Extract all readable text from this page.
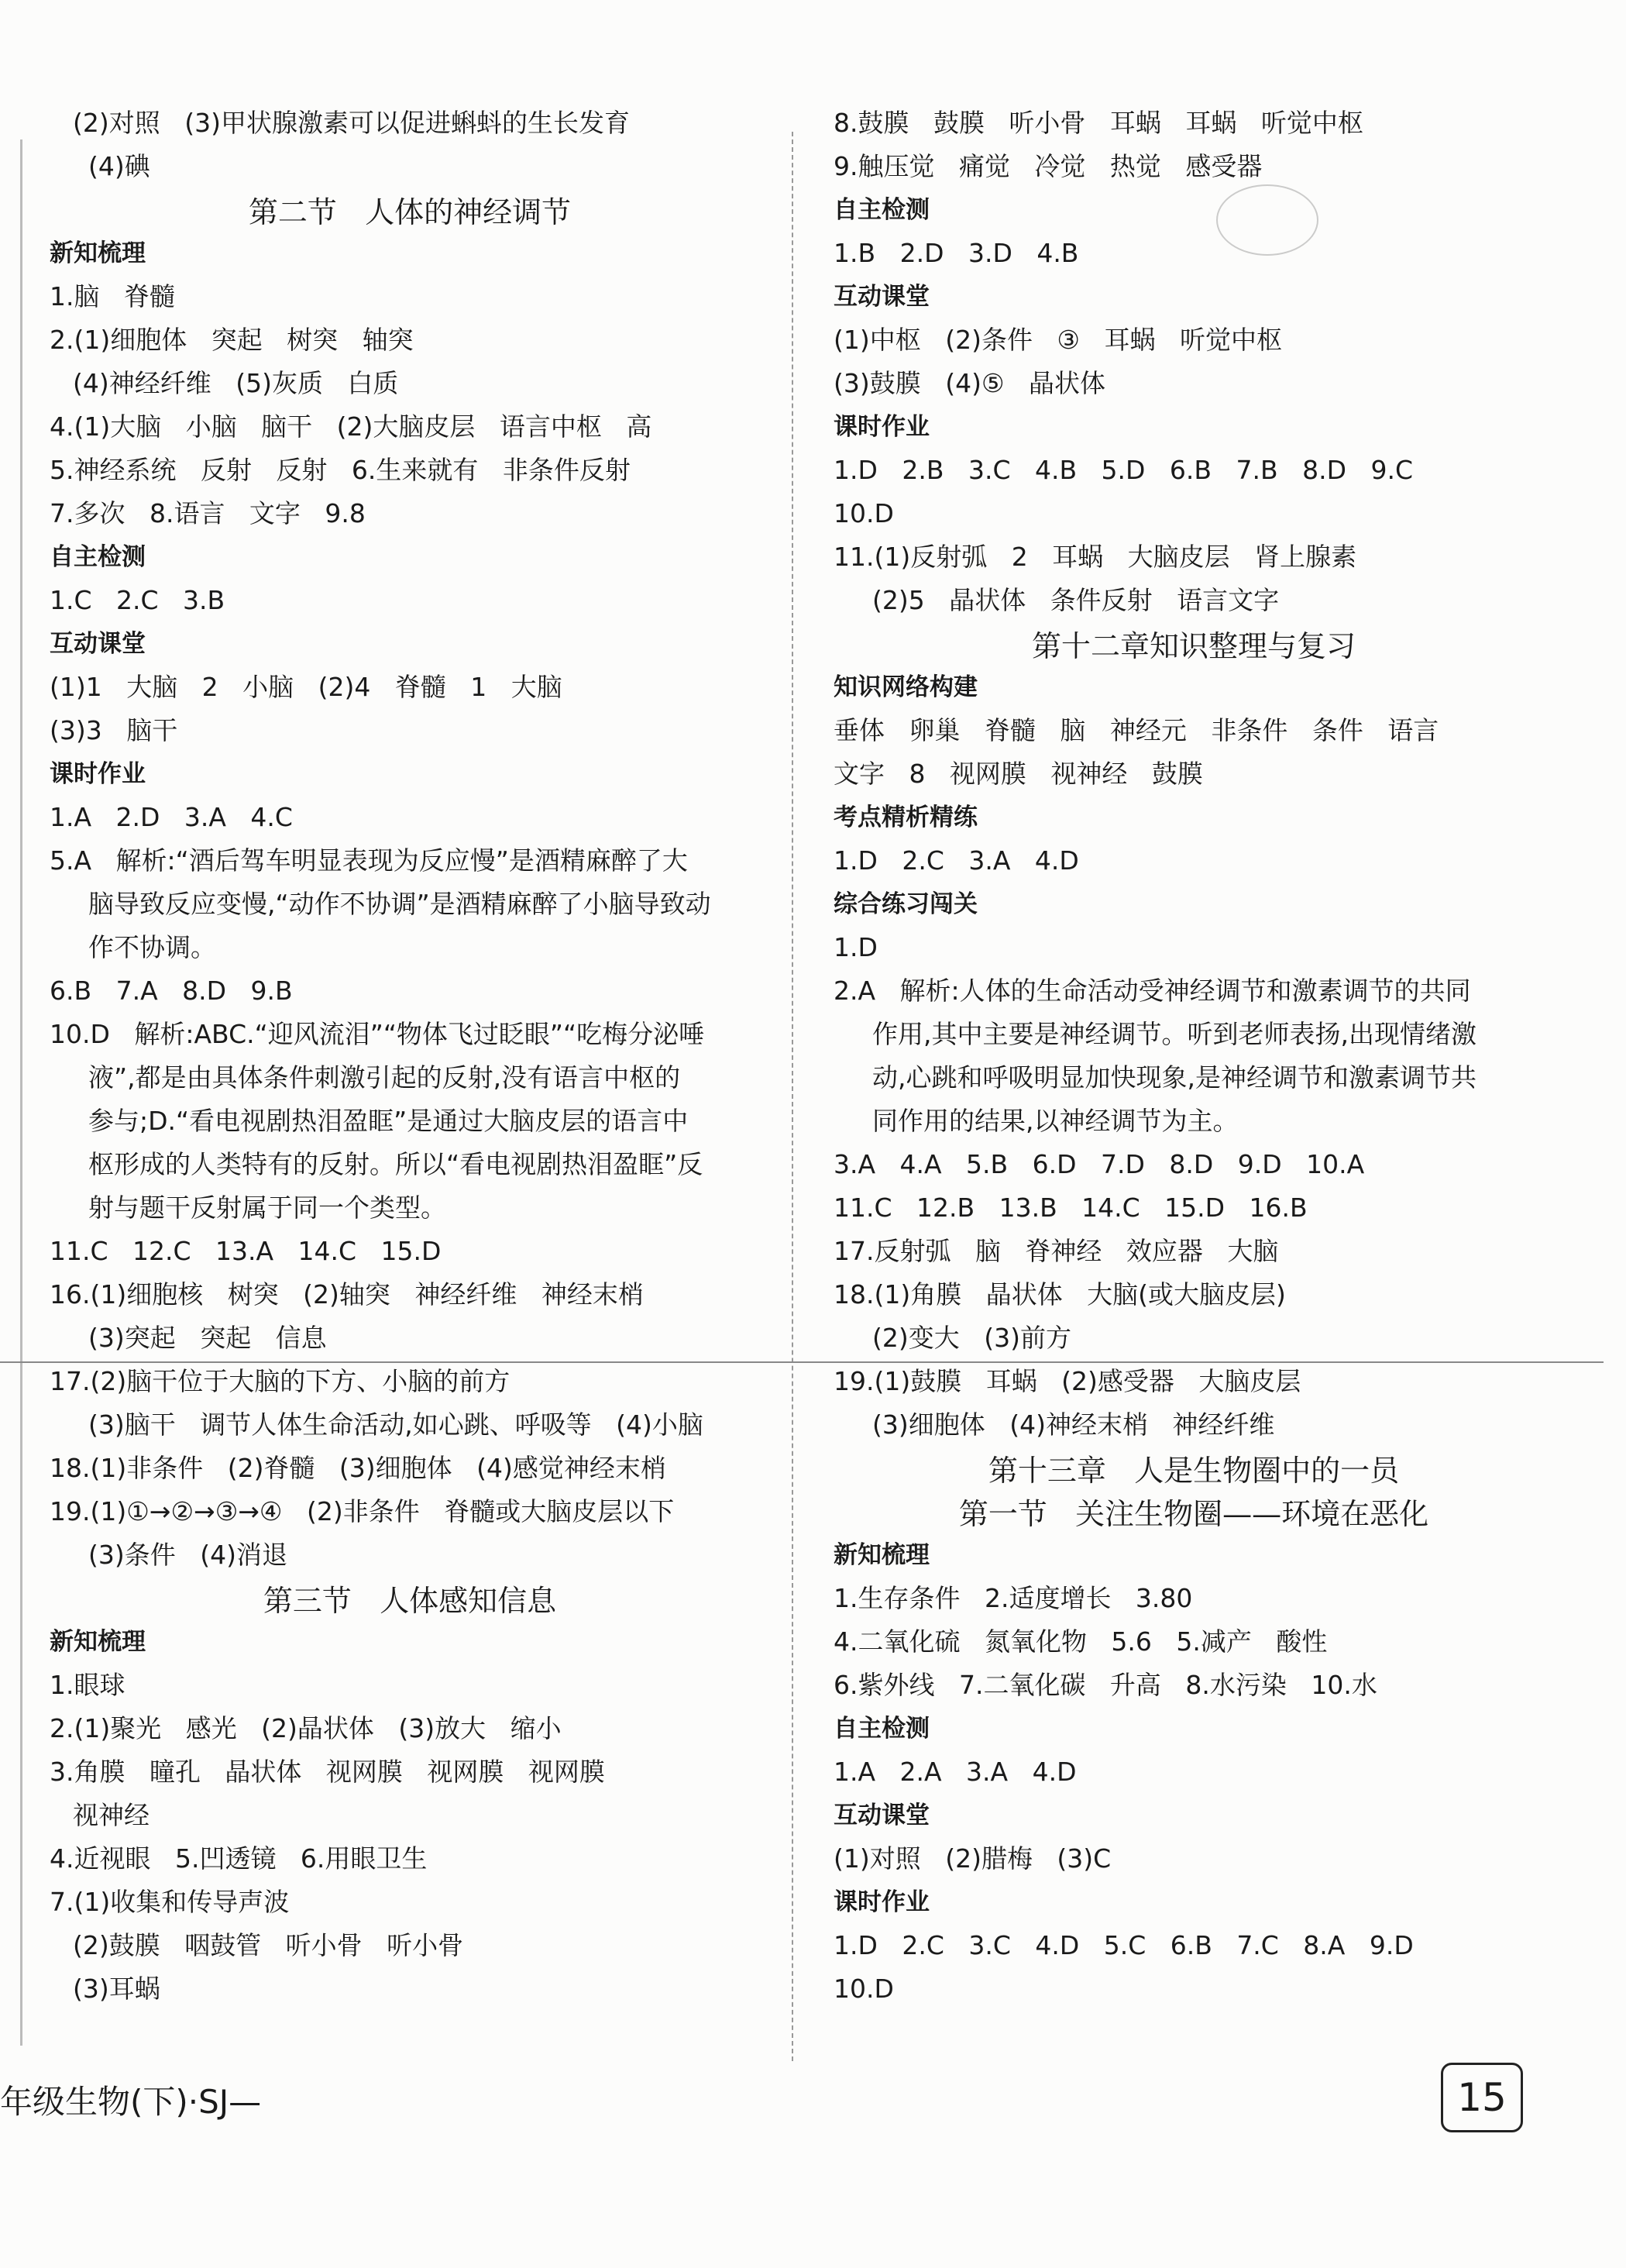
(2)对照   (3)甲状腺激素可以促进蝌蚪的生长发育
(4)碘
第二节   人体的神经调节
新知梳理
1.脑   脊髓
2.(1)细胞体   突起   树突   轴突
(4)神经纤维   (5)灰质   白质
4.(1)大脑   小脑   脑干   (2)大脑皮层   语言中枢   高
5.神经系统   反射   反射   6.生来就有   非条件反射
7.多次   8.语言   文字   9.8
自主检测
1.C   2.C   3.B
互动课堂
(1)1   大脑   2   小脑   (2)4   脊髓   1   大脑
(3)3   脑干
课时作业
1.A   2.D   3.A   4.C
5.A   解析:“酒后驾车明显表现为反应慢”是酒精麻醉了大
脑导致反应变慢,“动作不协调”是酒精麻醉了小脑导致动
作不协调。
6.B   7.A   8.D   9.B
10.D   解析:ABC.“迎风流泪”“物体飞过眨眼”“吃梅分泌唾
液”,都是由具体条件刺激引起的反射,没有语言中枢的
参与;D.“看电视剧热泪盈眶”是通过大脑皮层的语言中
枢形成的人类特有的反射。所以“看电视剧热泪盈眶”反
射与题干反射属于同一个类型。
11.C   12.C   13.A   14.C   15.D
16.(1)细胞核   树突   (2)轴突   神经纤维   神经末梢
(3)突起   突起   信息
17.(2)脑干位于大脑的下方、小脑的前方
(3)脑干   调节人体生命活动,如心跳、呼吸等   (4)小脑
18.(1)非条件   (2)脊髓   (3)细胞体   (4)感觉神经末梢
19.(1)①→②→③→④   (2)非条件   脊髓或大脑皮层以下
(3)条件   (4)消退
第三节   人体感知信息
新知梳理
1.眼球
2.(1)聚光   感光   (2)晶状体   (3)放大   缩小
3.角膜   瞳孔   晶状体   视网膜   视网膜   视网膜
视神经
4.近视眼   5.凹透镜   6.用眼卫生
7.(1)收集和传导声波
(2)鼓膜   咽鼓管   听小骨   听小骨
(3)耳蜗
8.鼓膜   鼓膜   听小骨   耳蜗   耳蜗   听觉中枢
9.触压觉   痛觉   冷觉   热觉   感受器
自主检测
1.B   2.D   3.D   4.B
互动课堂
(1)中枢   (2)条件   ③   耳蜗   听觉中枢
(3)鼓膜   (4)⑤   晶状体
课时作业
1.D   2.B   3.C   4.B   5.D   6.B   7.B   8.D   9.C
10.D
11.(1)反射弧   2   耳蜗   大脑皮层   肾上腺素
(2)5   晶状体   条件反射   语言文字
第十二章知识整理与复习
知识网络构建
垂体   卵巢   脊髓   脑   神经元   非条件   条件   语言
文字   8   视网膜   视神经   鼓膜
考点精析精练
1.D   2.C   3.A   4.D
综合练习闯关
1.D
2.A   解析:人体的生命活动受神经调节和激素调节的共同
作用,其中主要是神经调节。听到老师表扬,出现情绪激
动,心跳和呼吸明显加快现象,是神经调节和激素调节共
同作用的结果,以神经调节为主。
3.A   4.A   5.B   6.D   7.D   8.D   9.D   10.A
11.C   12.B   13.B   14.C   15.D   16.B
17.反射弧   脑   脊神经   效应器   大脑
18.(1)角膜   晶状体   大脑(或大脑皮层)
(2)变大   (3)前方
19.(1)鼓膜   耳蜗   (2)感受器   大脑皮层
(3)细胞体   (4)神经末梢   神经纤维
第十三章   人是生物圈中的一员
第一节   关注生物圈——环境在恶化
新知梳理
1.生存条件   2.适度增长   3.80
4.二氧化硫   氮氧化物   5.6   5.减产   酸性
6.紫外线   7.二氧化碳   升高   8.水污染   10.水
自主检测
1.A   2.A   3.A   4.D
互动课堂
(1)对照   (2)腊梅   (3)C
课时作业
1.D   2.C   3.C   4.D   5.C   6.B   7.C   8.A   9.D
10.D
年级生物(下)·SJ—	15
